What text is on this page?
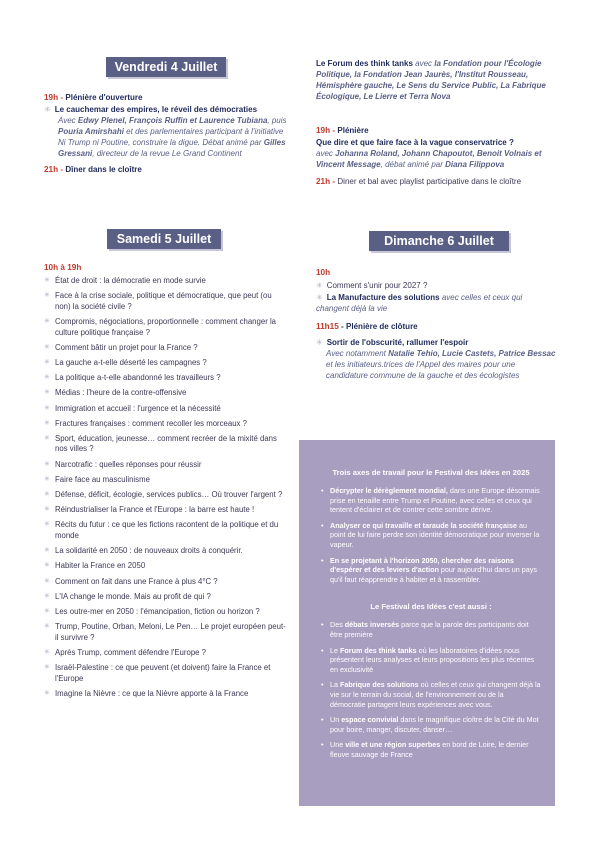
Vendredi 4 Juillet
19h - Plénière d'ouverture
✳ Le cauchemar des empires, le réveil des démocraties
Avec Edwy Plenel, François Ruffin et Laurence Tubiana, puis Pouria Amirshahi et des parlementaires participant à l'initiative Ni Trump ni Poutine, construire la digue. Débat animé par Gilles Gressani, directeur de la revue Le Grand Continent
21h - Dîner dans le cloître
Le Forum des think tanks avec la Fondation pour l'Écologie Politique, la Fondation Jean Jaurès, l'Institut Rousseau, Hémisphère gauche, Le Sens du Service Public, La Fabrique Écologique, Le Lierre et Terra Nova
19h - Plénière
Que dire et que faire face à la vague conservatrice ?
avec Johanna Roland, Johann Chapoutot, Benoit Volnais et Vincent Message, débat animé par Diana Filippova
21h - Diner et bal avec playlist participative dans le cloître
Samedi 5 Juillet
10h à 19h
✳ État de droit : la démocratie en mode survie
✳ Face à la crise sociale, politique et démocratique, que peut (ou non) la société civile ?
✳ Compromis, négociations, proportionnelle : comment changer la culture politique française ?
✳ Comment bâtir un projet pour la France ?
✳ La gauche a-t-elle déserté les campagnes ?
✳ La politique a-t-elle abandonné les travailleurs ?
✳ Médias : l'heure de la contre-offensive
✳ Immigration et accueil : l'urgence et la nécessité
✳ Fractures françaises : comment recoller les morceaux ?
✳ Sport, éducation, jeunesse… comment recréer de la mixité dans nos villes ?
✳ Narcotrafic : quelles réponses pour réussir
✳ Faire face au masculinisme
✳ Défense, déficit, écologie, services publics… Où trouver l'argent ?
✳ Réindustrialiser la France et l'Europe : la barre est haute !
✳ Récits du futur : ce que les fictions racontent de la politique et du monde
✳ La solidarité en 2050 : de nouveaux droits à conquérir.
✳ Habiter la France en 2050
✳ Comment on fait dans une France à plus 4°C ?
✳ L'IA change le monde. Mais au profit de qui ?
✳ Les outre-mer en 2050 : l'émancipation, fiction ou horizon ?
✳ Trump, Poutine, Orban, Meloni, Le Pen… Le projet européen peut-il survivre ?
✳ Après Trump, comment défendre l'Europe ?
✳ Israël-Palestine : ce que peuvent (et doivent) faire la France et l'Europe
✳ Imagine la Nièvre : ce que la Nièvre apporte à la France
Dimanche 6 Juillet
10h
✳ Comment s'unir pour 2027 ?
✳ La Manufacture des solutions avec celles et ceux qui changent déjà la vie
11h15 - Plénière de clôture
✳ Sortir de l'obscurité, rallumer l'espoir
Avec notamment Natalie Tehio, Lucie Castets, Patrice Bessac et les initiateurs.trices de l'Appel des maires pour une candidature commune de la gauche et des écologistes
Trois axes de travail pour le Festival des Idées en 2025
• Décrypter le dérèglement mondial, dans une Europe désormais prise en tenaille entre Trump et Poutine, avec celles et ceux qui tentent d'éclairer et de contrer cette sombre dérive.
• Analyser ce qui travaille et taraude la société française au point de lui faire perdre son identité démocratique pour inverser la vapeur.
• En se projetant à l'horizon 2050, chercher des raisons d'espérer et des leviers d'action pour aujourd'hui dans un pays qu'il faut réapprendre à habiter et à rassembler.
Le Festival des Idées c'est aussi :
• Des débats inversés parce que la parole des participants doit être première
• Le Forum des think tanks où les laboratoires d'idées nous présentent leurs analyses et leurs propositions les plus récentes en exclusivité
• La Fabrique des solutions où celles et ceux qui changent déjà la vie sur le terrain du social, de l'environnement ou de la démocratie partagent leurs expériences avec vous.
• Un espace convivial dans le magnifique cloître de la Cité du Mot pour boire, manger, discuter, danser…
• Une ville et une région superbes en bord de Loire, le dernier fleuve sauvage de France
